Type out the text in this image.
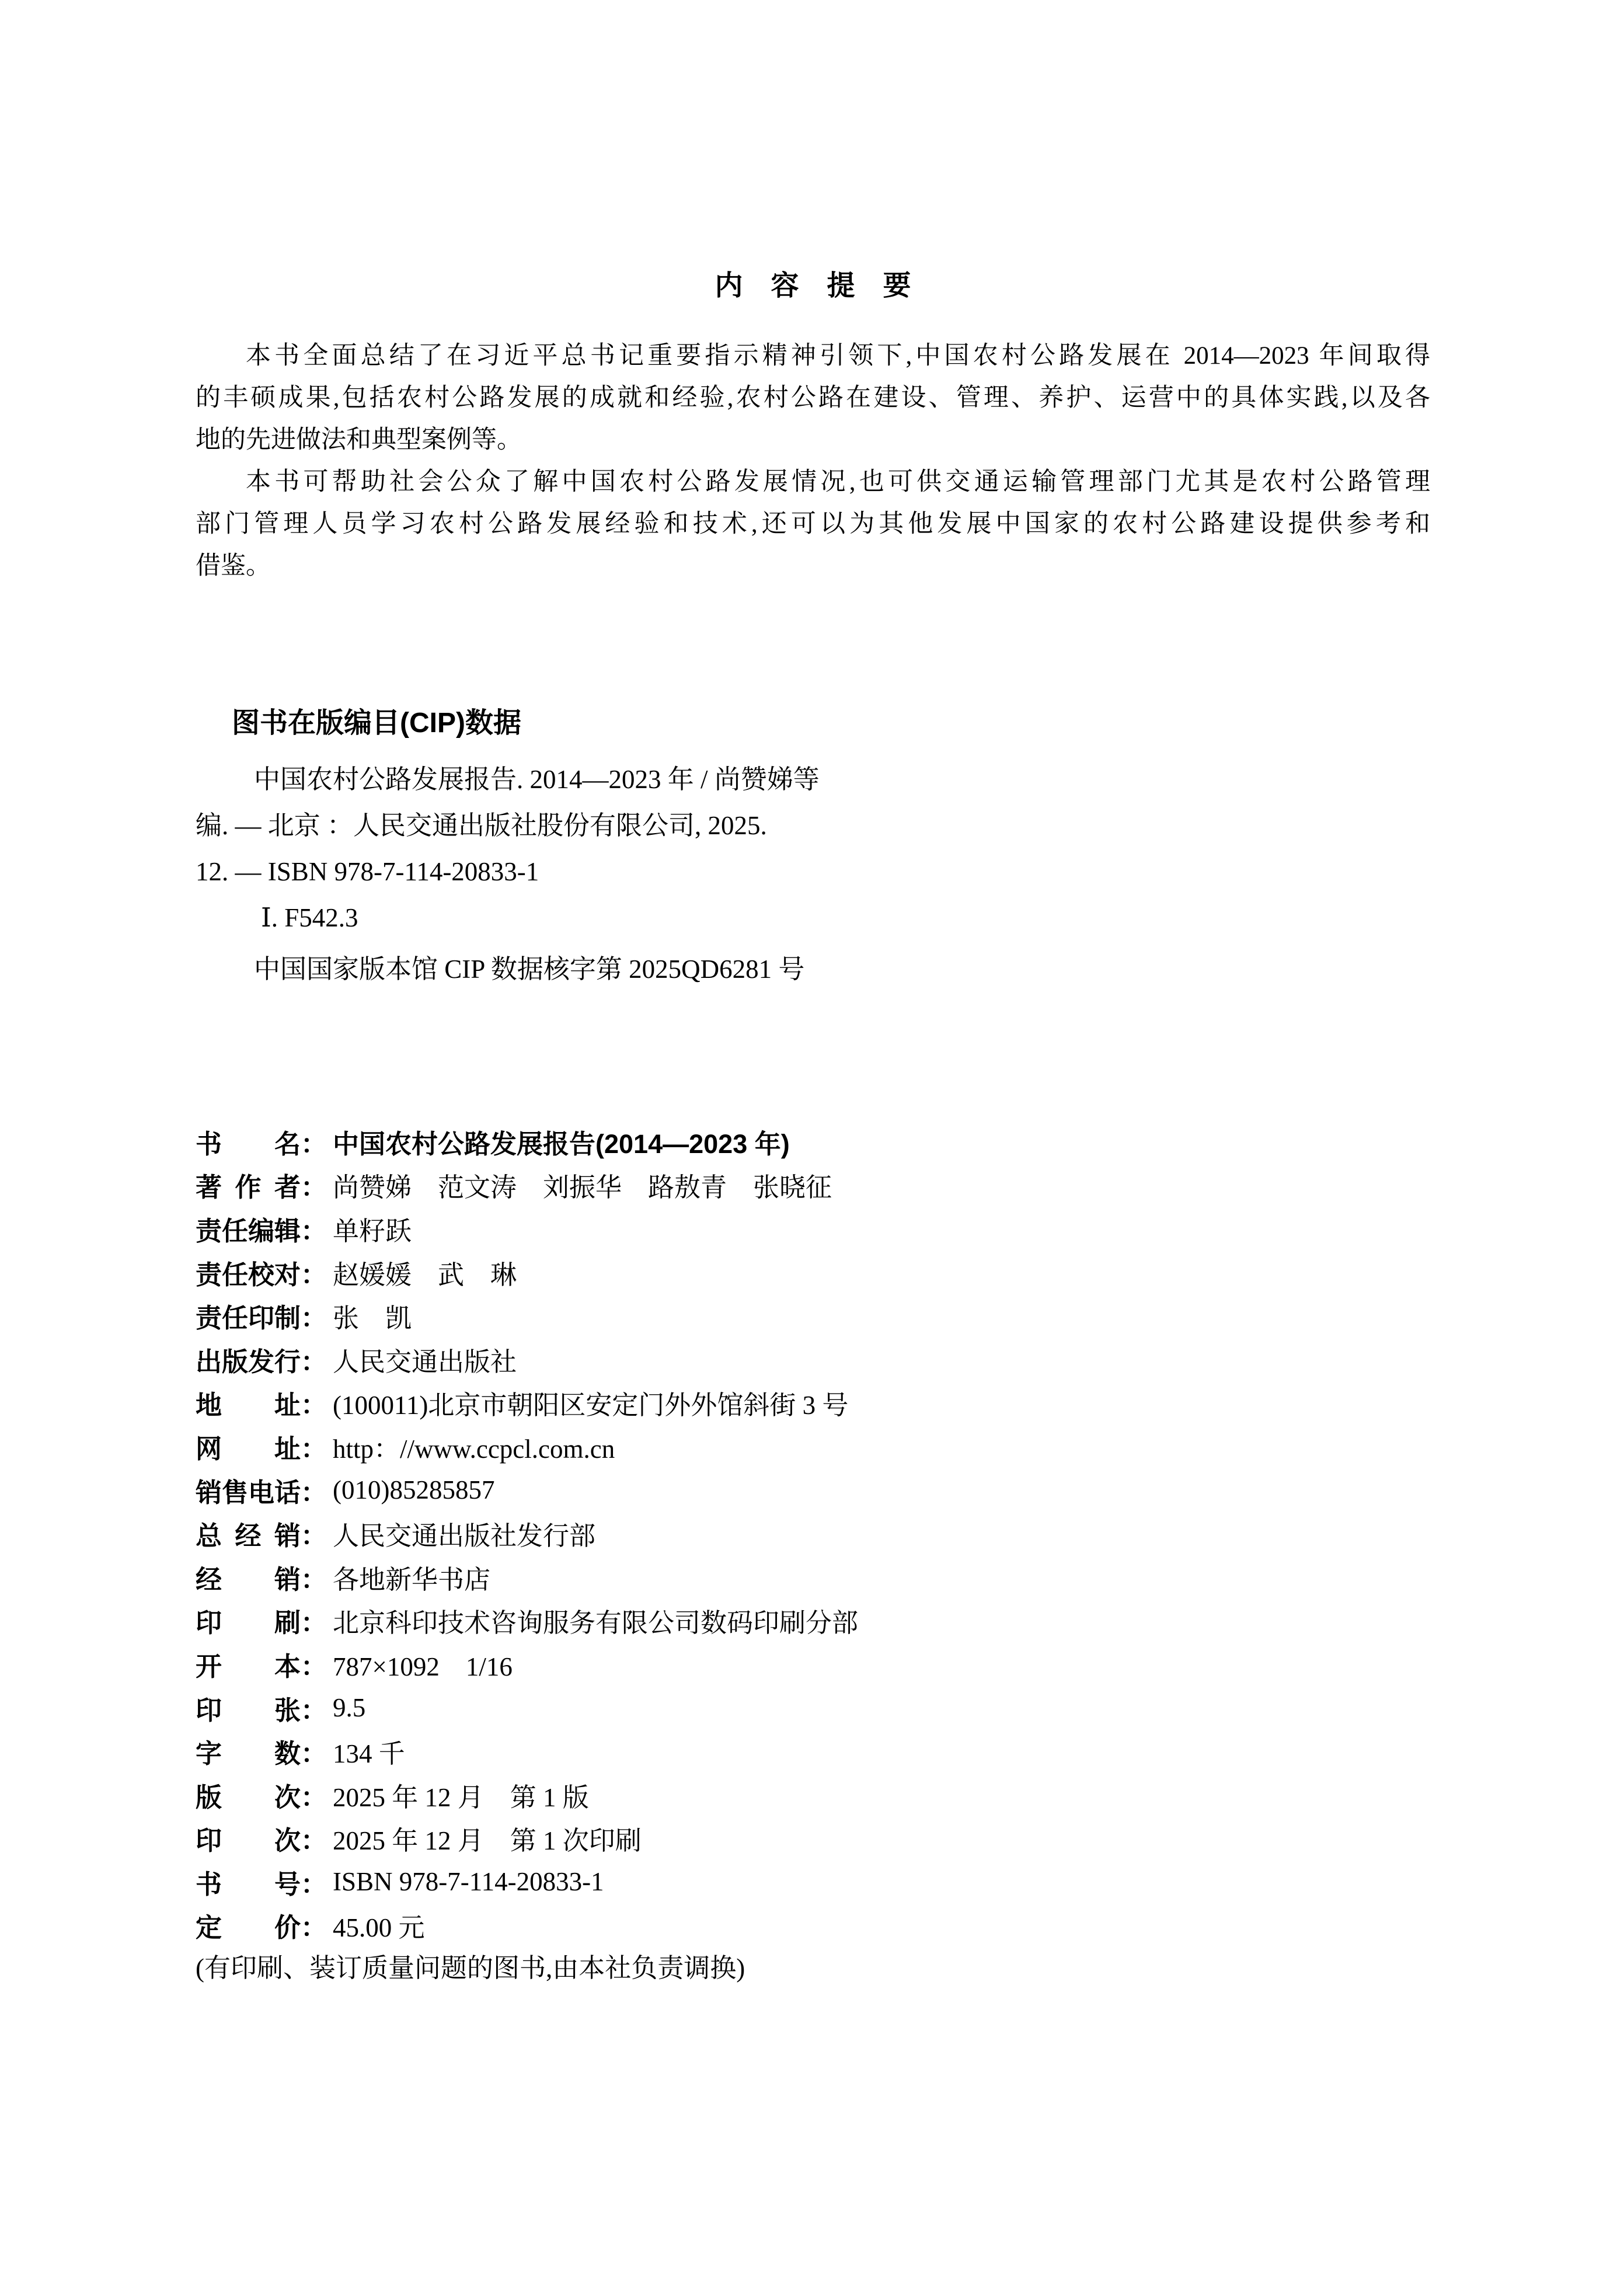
内　容　提　要
本书全面总结了在习近平总书记重要指示精神引领下,中国农村公路发展在 2014—2023 年间取得
的丰硕成果,包括农村公路发展的成就和经验,农村公路在建设、管理、养护、运营中的具体实践,以及各
地的先进做法和典型案例等。
本书可帮助社会公众了解中国农村公路发展情况,也可供交通运输管理部门尤其是农村公路管理
部门管理人员学习农村公路发展经验和技术,还可以为其他发展中国家的农村公路建设提供参考和
借鉴。
图书在版编目(CIP)数据
中国农村公路发展报告. 2014—2023 年 / 尚赞娣等
编. — 北京 ：人民交通出版社股份有限公司, 2025.
12. — ISBN 978-7-114-20833-1
Ⅰ. F542.3
中国国家版本馆 CIP 数据核字第 2025QD6281 号
书　　名 ： 中国农村公路发展报告(2014—2023 年)
著 作 者 ： 尚赞娣　范文涛　刘振华　路敖青　张晓征
责任编辑 ： 单籽跃
责任校对 ： 赵媛媛　武　琳
责任印制 ： 张　凯
出版发行 ： 人民交通出版社
地　　址 ： (100011)北京市朝阳区安定门外外馆斜街 3 号
网　　址 ： http：//www.ccpcl.com.cn
销售电话 ： (010)85285857
总 经 销 ： 人民交通出版社发行部
经　　销 ： 各地新华书店
印　　刷 ： 北京科印技术咨询服务有限公司数码印刷分部
开　　本 ： 787×1092　1/16
印　　张 ： 9.5
字　　数 ： 134 千
版　　次 ： 2025 年 12 月　第 1 版
印　　次 ： 2025 年 12 月　第 1 次印刷
书　　号 ： ISBN 978-7-114-20833-1
定　　价 ： 45.00 元
(有印刷、装订质量问题的图书,由本社负责调换)
